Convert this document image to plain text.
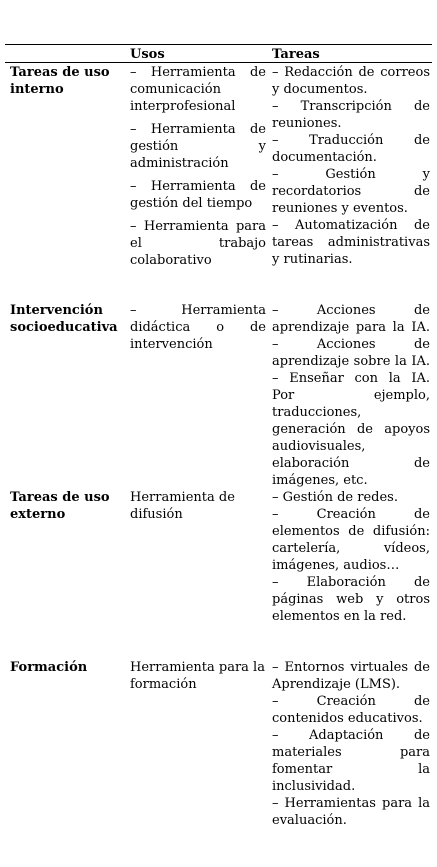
Usos	Tareas
Tareas de uso interno
– Herramienta de comunicación interprofesional
– Herramienta de gestión y administración
– Herramienta de gestión del tiempo
– Herramienta para el trabajo colaborativo
– Redacción de correos y documentos.
– Transcripción de reuniones.
– Traducción de documentación.
– Gestión y recordatorios de reuniones y eventos.
– Automatización de tareas administrativas y rutinarias.
Intervención socioeducativa
– Herramienta didáctica o de intervención
– Acciones de aprendizaje para la IA. – Acciones de aprendizaje sobre la IA. – Enseñar con la IA. Por ejemplo, traducciones, generación de apoyos audiovisuales, elaboración de imágenes, etc.
Tareas de uso externo
Herramienta de difusión
– Gestión de redes.
– Creación de elementos de difusión: cartelería, vídeos, imágenes, audios…
– Elaboración de páginas web y otros elementos en la red.
Formación	Herramienta para la formación
– Entornos virtuales de Aprendizaje (LMS).
– Creación de contenidos educativos.
– Adaptación de materiales para fomentar la inclusividad.
– Herramientas para la evaluación.
